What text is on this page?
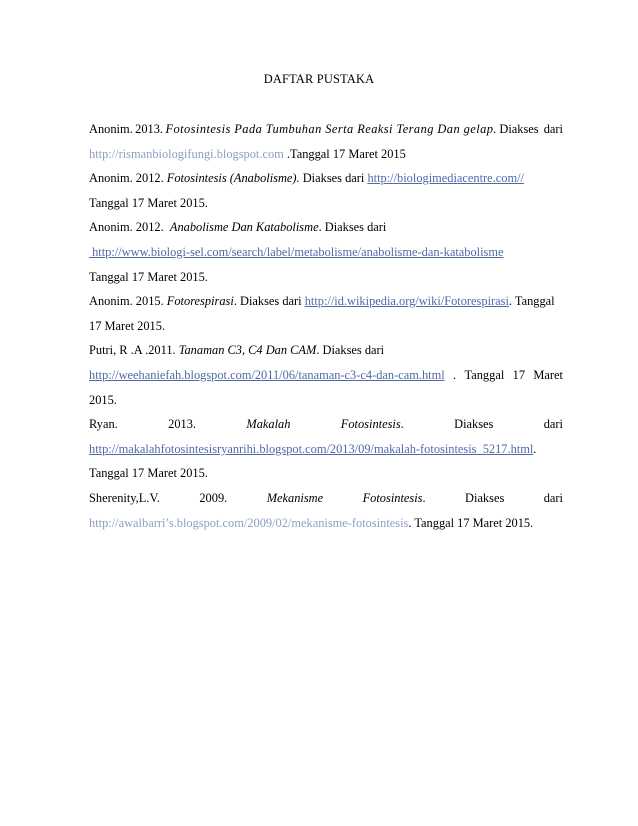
DAFTAR PUSTAKA
Anonim. 2013. Fotosintesis Pada Tumbuhan Serta Reaksi Terang Dan gelap. Diakses dari
http://rismanbiologifungi.blogspot.com .Tanggal 17 Maret 2015
Anonim. 2012. Fotosintesis (Anabolisme). Diakses dari http://biologimediacentre.com//
Tanggal 17 Maret 2015.
Anonim. 2012.  Anabolisme Dan Katabolisme. Diakses dari
http://www.biologi-sel.com/search/label/metabolisme/anabolisme-dan-katabolisme
Tanggal 17 Maret 2015.
Anonim. 2015. Fotorespirasi. Diakses dari http://id.wikipedia.org/wiki/Fotorespirasi. Tanggal
17 Maret 2015.
Putri, R .A .2011. Tanaman C3, C4 Dan CAM. Diakses dari
http://weehaniefah.blogspot.com/2011/06/tanaman-c3-c4-dan-cam.html . Tanggal 17 Maret
2015.
Ryan.	2013.	Makalah	Fotosintesis.	Diakses	dari
http://makalahfotosintesisryanrihi.blogspot.com/2013/09/makalah-fotosintesis_5217.html.
Tanggal 17 Maret 2015.
Sherenity,L.V.	2009.	Mekanisme	Fotosintesis.	Diakses	dari
http://awalbarri’s.blogspot.com/2009/02/mekanisme-fotosintesis. Tanggal 17 Maret 2015.
